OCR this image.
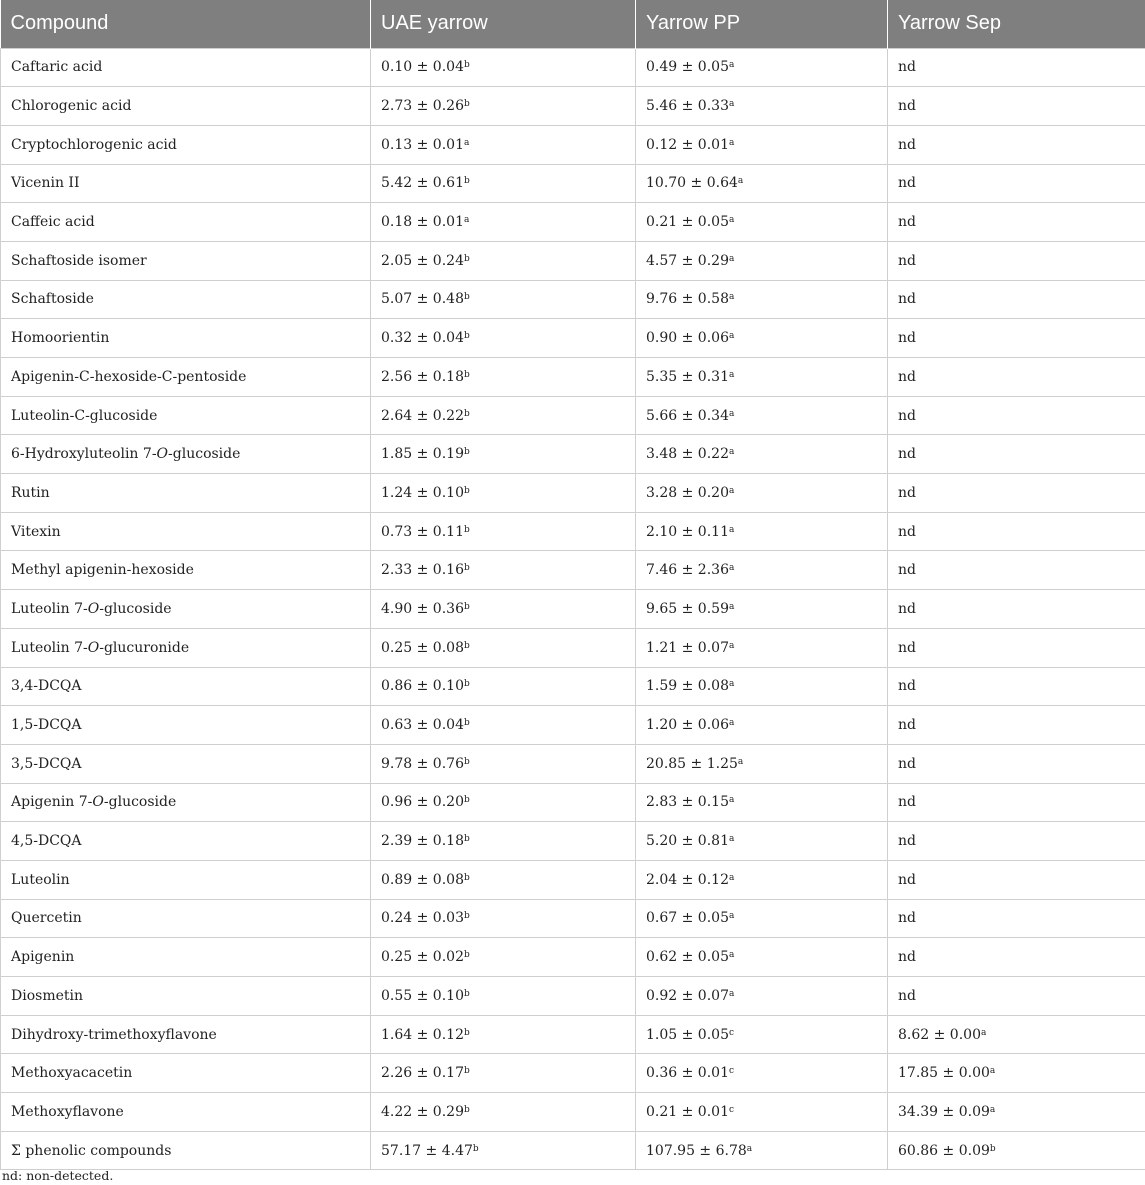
Compound	UAE yarrow	Yarrow PP	Yarrow Sep
Caftaric acid	0.10 ± 0.04$^b$	0.49 ± 0.05$^a$	nd
Chlorogenic acid	2.73 ± 0.26$^b$	5.46 ± 0.33$^a$	nd
Cryptochlorogenic acid	0.13 ± 0.01$^a$	0.12 ± 0.01$^a$	nd
Vicenin II	5.42 ± 0.61$^b$	10.70 ± 0.64$^a$	nd
Caffeic acid	0.18 ± 0.01$^a$	0.21 ± 0.05$^a$	nd
Schaftoside isomer	2.05 ± 0.24$^b$	4.57 ± 0.29$^a$	nd
Schaftoside	5.07 ± 0.48$^b$	9.76 ± 0.58$^a$	nd
Homoorientin	0.32 ± 0.04$^b$	0.90 ± 0.06$^a$	nd
Apigenin-C-hexoside-C-pentoside	2.56 ± 0.18$^b$	5.35 ± 0.31$^a$	nd
Luteolin-C-glucoside	2.64 ± 0.22$^b$	5.66 ± 0.34$^a$	nd
6-Hydroxyluteolin 7-O-glucoside	1.85 ± 0.19$^b$	3.48 ± 0.22$^a$	nd
Rutin	1.24 ± 0.10$^b$	3.28 ± 0.20$^a$	nd
Vitexin	0.73 ± 0.11$^b$	2.10 ± 0.11$^a$	nd
Methyl apigenin-hexoside	2.33 ± 0.16$^b$	7.46 ± 2.36$^a$	nd
Luteolin 7-O-glucoside	4.90 ± 0.36$^b$	9.65 ± 0.59$^a$	nd
Luteolin 7-O-glucuronide	0.25 ± 0.08$^b$	1.21 ± 0.07$^a$	nd
3,4-DCQA	0.86 ± 0.10$^b$	1.59 ± 0.08$^a$	nd
1,5-DCQA	0.63 ± 0.04$^b$	1.20 ± 0.06$^a$	nd
3,5-DCQA	9.78 ± 0.76$^b$	20.85 ± 1.25$^a$	nd
Apigenin 7-O-glucoside	0.96 ± 0.20$^b$	2.83 ± 0.15$^a$	nd
4,5-DCQA	2.39 ± 0.18$^b$	5.20 ± 0.81$^a$	nd
Luteolin	0.89 ± 0.08$^b$	2.04 ± 0.12$^a$	nd
Quercetin	0.24 ± 0.03$^b$	0.67 ± 0.05$^a$	nd
Apigenin	0.25 ± 0.02$^b$	0.62 ± 0.05$^a$	nd
Diosmetin	0.55 ± 0.10$^b$	0.92 ± 0.07$^a$	nd
Dihydroxy-trimethoxyflavone	1.64 ± 0.12$^b$	1.05 ± 0.05$^c$	8.62 ± 0.00$^a$
Methoxyacacetin	2.26 ± 0.17$^b$	0.36 ± 0.01$^c$	17.85 ± 0.00$^a$
Methoxyflavone	4.22 ± 0.29$^b$	0.21 ± 0.01$^c$	34.39 ± 0.09$^a$
Σ phenolic compounds	57.17 ± 4.47$^b$	107.95 ± 6.78$^a$	60.86 ± 0.09$^b$
nd: non-detected.
